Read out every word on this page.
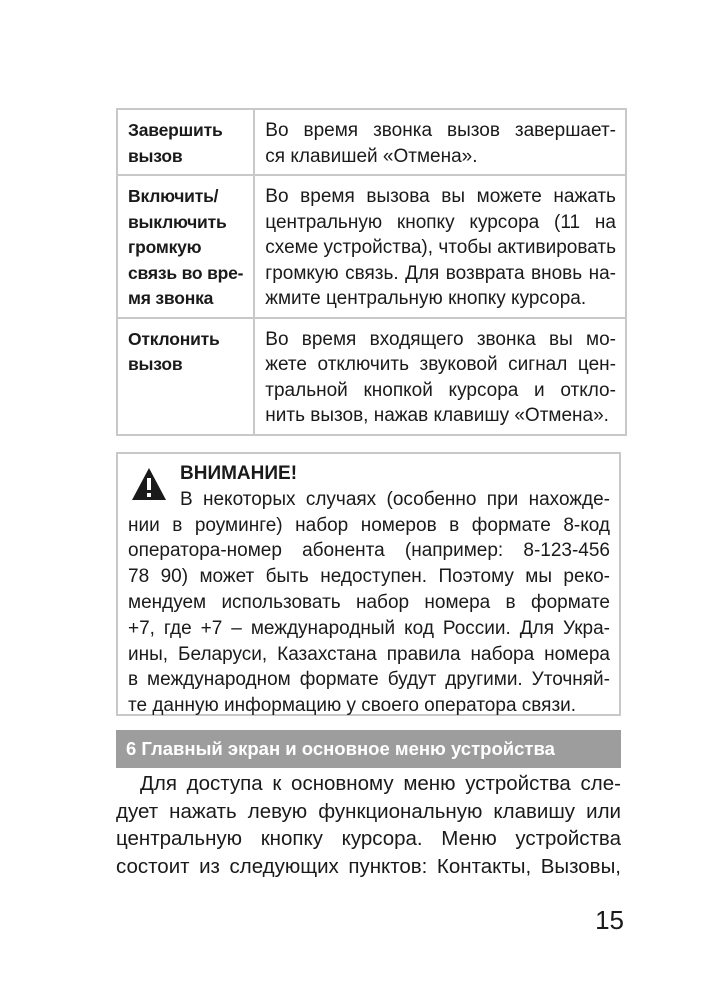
Завершить
вызов	Во время звонка вызов завершает-
ся клавишей «Отмена».

Включить/
выключить
громкую
связь во вре-
мя звонка	Во время вызова вы можете нажать
центральную кнопку курсора (11 на
схеме устройства), чтобы активировать
громкую связь. Для возврата вновь на-
жмите центральную кнопку курсора.

Отклонить
вызов	Во время входящего звонка вы мо-
жете отключить звуковой сигнал цен-
тральной кнопкой курсора и откло-
нить вызов, нажав клавишу «Отмена».
ВНИМАНИЕ!
В некоторых случаях (особенно при нахожде-
нии в роуминге) набор номеров в формате 8-код
оператора-номер абонента (например: 8-123-456
78 90) может быть недоступен. Поэтому мы реко-
мендуем использовать набор номера в формате
+7, где +7 – международный код России. Для Укра-
ины, Беларуси, Казахстана правила набора номера
в международном формате будут другими. Уточняй-
те данную информацию у своего оператора связи.
6 Главный экран и основное меню устройства
Для доступа к основному меню устройства сле-
дует нажать левую функциональную клавишу или
центральную кнопку курсора. Меню устройства
состоит из следующих пунктов: Контакты, Вызовы,
15
